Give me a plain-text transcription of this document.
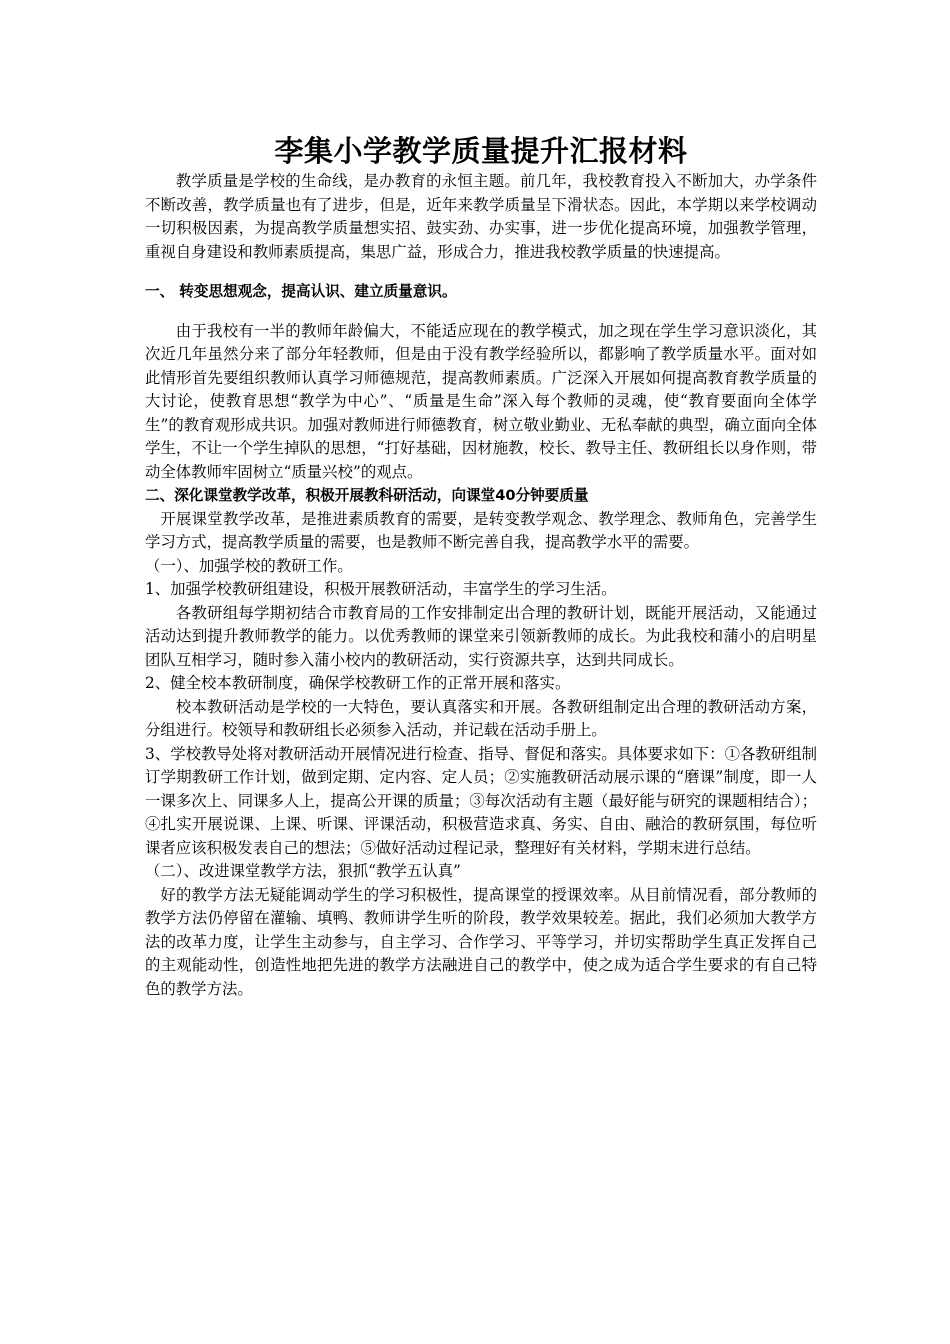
李集小学教学质量提升汇报材料

教学质量是学校的生命线，是办教育的永恒主题。前几年，我校教育投入不断加大，办学条件不断改善，教学质量也有了进步，但是，近年来教学质量呈下滑状态。因此，本学期以来学校调动一切积极因素，为提高教学质量想实招、鼓实劲、办实事，进一步优化提高环境，加强教学管理，重视自身建设和教师素质提高，集思广益，形成合力，推进我校教学质量的快速提高。

一、 转变思想观念，提高认识、建立质量意识。

由于我校有一半的教师年龄偏大，不能适应现在的教学模式，加之现在学生学习意识淡化，其次近几年虽然分来了部分年轻教师，但是由于没有教学经验所以，都影响了教学质量水平。面对如此情形首先要组织教师认真学习师德规范，提高教师素质。广泛深入开展如何提高教育教学质量的大讨论，使教育思想“教学为中心”、“质量是生命”深入每个教师的灵魂，使“教育要面向全体学生”的教育观形成共识。加强对教师进行师德教育，树立敬业勤业、无私奉献的典型，确立面向全体学生，不让一个学生掉队的思想，“打好基础，因材施教，校长、教导主任、教研组长以身作则，带动全体教师牢固树立“质量兴校”的观点。

二、深化课堂教学改革，积极开展教科研活动，向课堂40分钟要质量

开展课堂教学改革，是推进素质教育的需要，是转变教学观念、教学理念、教师角色，完善学生学习方式，提高教学质量的需要，也是教师不断完善自我，提高教学水平的需要。

（一）、加强学校的教研工作。

1、加强学校教研组建设，积极开展教研活动，丰富学生的学习生活。

各教研组每学期初结合市教育局的工作安排制定出合理的教研计划，既能开展活动，又能通过活动达到提升教师教学的能力。以优秀教师的课堂来引领新教师的成长。为此我校和蒲小的启明星团队互相学习，随时参入蒲小校内的教研活动，实行资源共享，达到共同成长。

2、健全校本教研制度，确保学校教研工作的正常开展和落实。

校本教研活动是学校的一大特色，要认真落实和开展。各教研组制定出合理的教研活动方案，分组进行。校领导和教研组长必须参入活动，并记载在活动手册上。

3、学校教导处将对教研活动开展情况进行检查、指导、督促和落实。具体要求如下：①各教研组制订学期教研工作计划，做到定期、定内容、定人员；②实施教研活动展示课的“磨课”制度，即一人一课多次上、同课多人上，提高公开课的质量；③每次活动有主题（最好能与研究的课题相结合）；④扎实开展说课、上课、听课、评课活动，积极营造求真、务实、自由、融洽的教研氛围，每位听课者应该积极发表自己的想法；⑤做好活动过程记录，整理好有关材料，学期末进行总结。

（二）、改进课堂教学方法，狠抓“教学五认真”

好的教学方法无疑能调动学生的学习积极性，提高课堂的授课效率。从目前情况看，部分教师的教学方法仍停留在灌输、填鸭、教师讲学生听的阶段，教学效果较差。据此，我们必须加大教学方法的改革力度，让学生主动参与，自主学习、合作学习、平等学习，并切实帮助学生真正发挥自己的主观能动性，创造性地把先进的教学方法融进自己的教学中，使之成为适合学生要求的有自己特色的教学方法。
